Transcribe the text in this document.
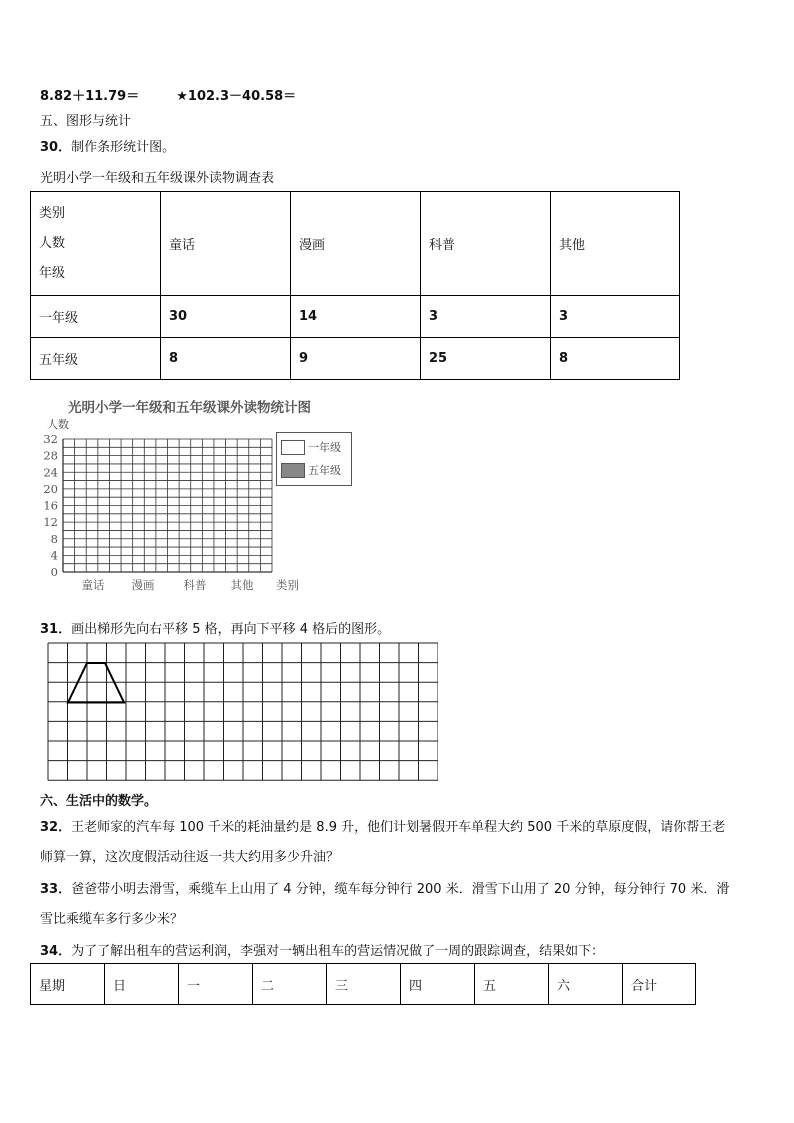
8.82＋11.79＝	★102.3－40.58＝
五、图形与统计
30．制作条形统计图。
光明小学一年级和五年级课外读物调查表
类别
人数
年级	童话	漫画	科普	其他
一年级	30	14	3	3
五年级	8	9	25	8
光明小学一年级和五年级课外读物统计图
人数
32
28
24
20
16
12
8
4
0
童话 漫画	科普 其他 类别
一年级
五年级
31．画出梯形先向右平移 5 格，再向下平移 4 格后的图形。
六、生活中的数学。
32．王老师家的汽车每 100 千米的耗油量约是 8.9 升，他们计划暑假开车单程大约 500 千米的草原度假，请你帮王老
师算一算，这次度假活动往返一共大约用多少升油？
33．爸爸带小明去滑雪，乘缆车上山用了 4 分钟，缆车每分钟行 200 米．滑雪下山用了 20 分钟，每分钟行 70 米．滑
雪比乘缆车多行多少米？
34．为了了解出租车的营运利润，李强对一辆出租车的营运情况做了一周的跟踪调查，结果如下：
星期	日	一	二	三	四	五	六	合计
